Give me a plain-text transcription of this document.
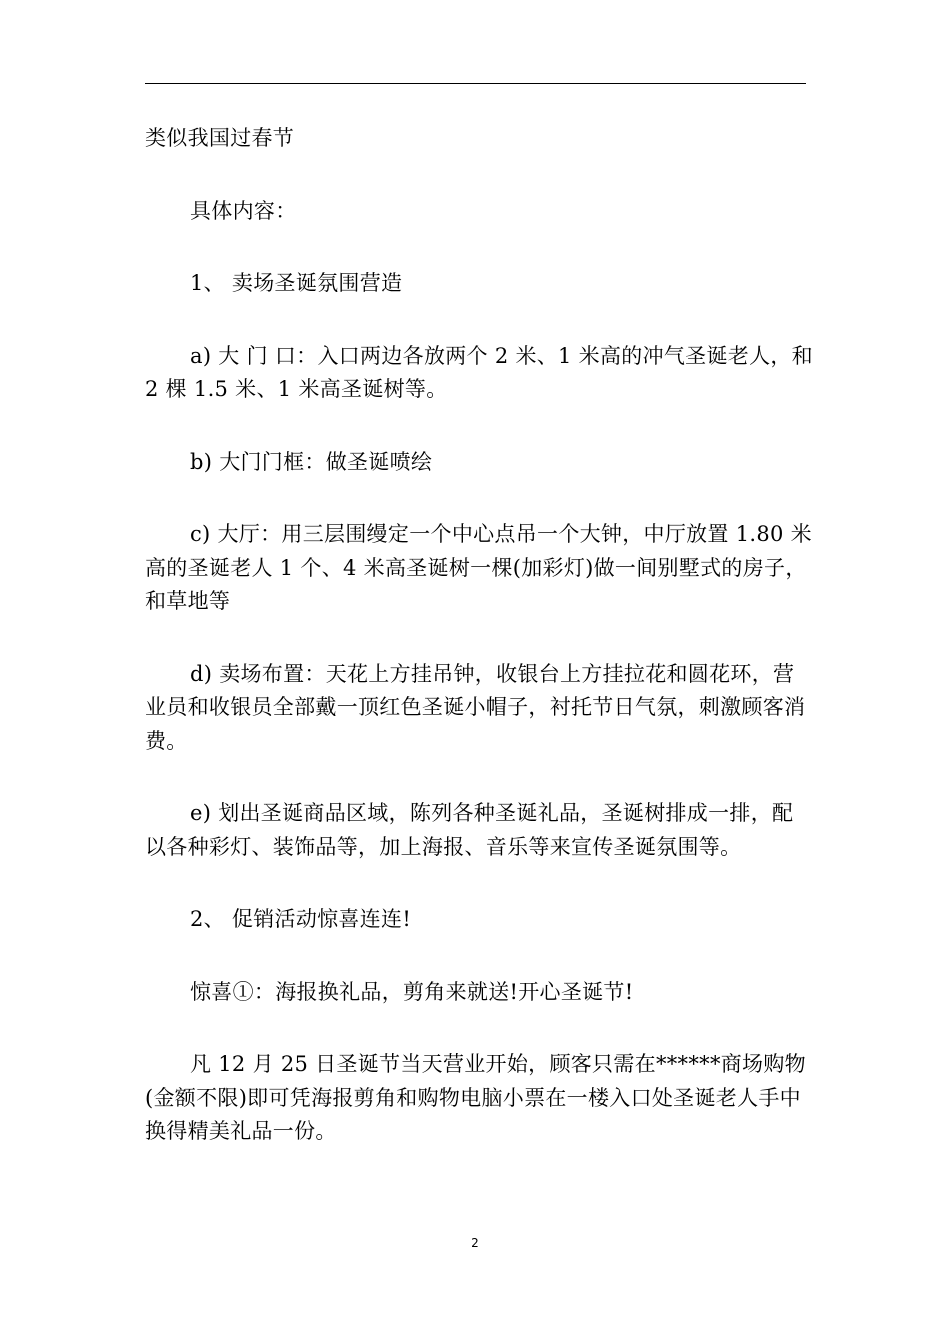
类似我国过春节

具体内容：

1、 卖场圣诞氛围营造

a) 大 门 口：入口两边各放两个 2 米、1 米高的冲气圣诞老人，和 2 棵 1.5 米、1 米高圣诞树等。

b) 大门门框：做圣诞喷绘

c) 大厅：用三层围缦定一个中心点吊一个大钟，中厅放置 1.80 米高的圣诞老人 1 个、4 米高圣诞树一棵(加彩灯)做一间别墅式的房子，和草地等

d) 卖场布置：天花上方挂吊钟，收银台上方挂拉花和圆花环，营业员和收银员全部戴一顶红色圣诞小帽子，衬托节日气氛，刺激顾客消费。

e) 划出圣诞商品区域，陈列各种圣诞礼品，圣诞树排成一排，配以各种彩灯、装饰品等，加上海报、音乐等来宣传圣诞氛围等。

2、 促销活动惊喜连连!

惊喜①：海报换礼品，剪角来就送!开心圣诞节!

凡 12 月 25 日圣诞节当天营业开始，顾客只需在******商场购物(金额不限)即可凭海报剪角和购物电脑小票在一楼入口处圣诞老人手中换得精美礼品一份。

2
